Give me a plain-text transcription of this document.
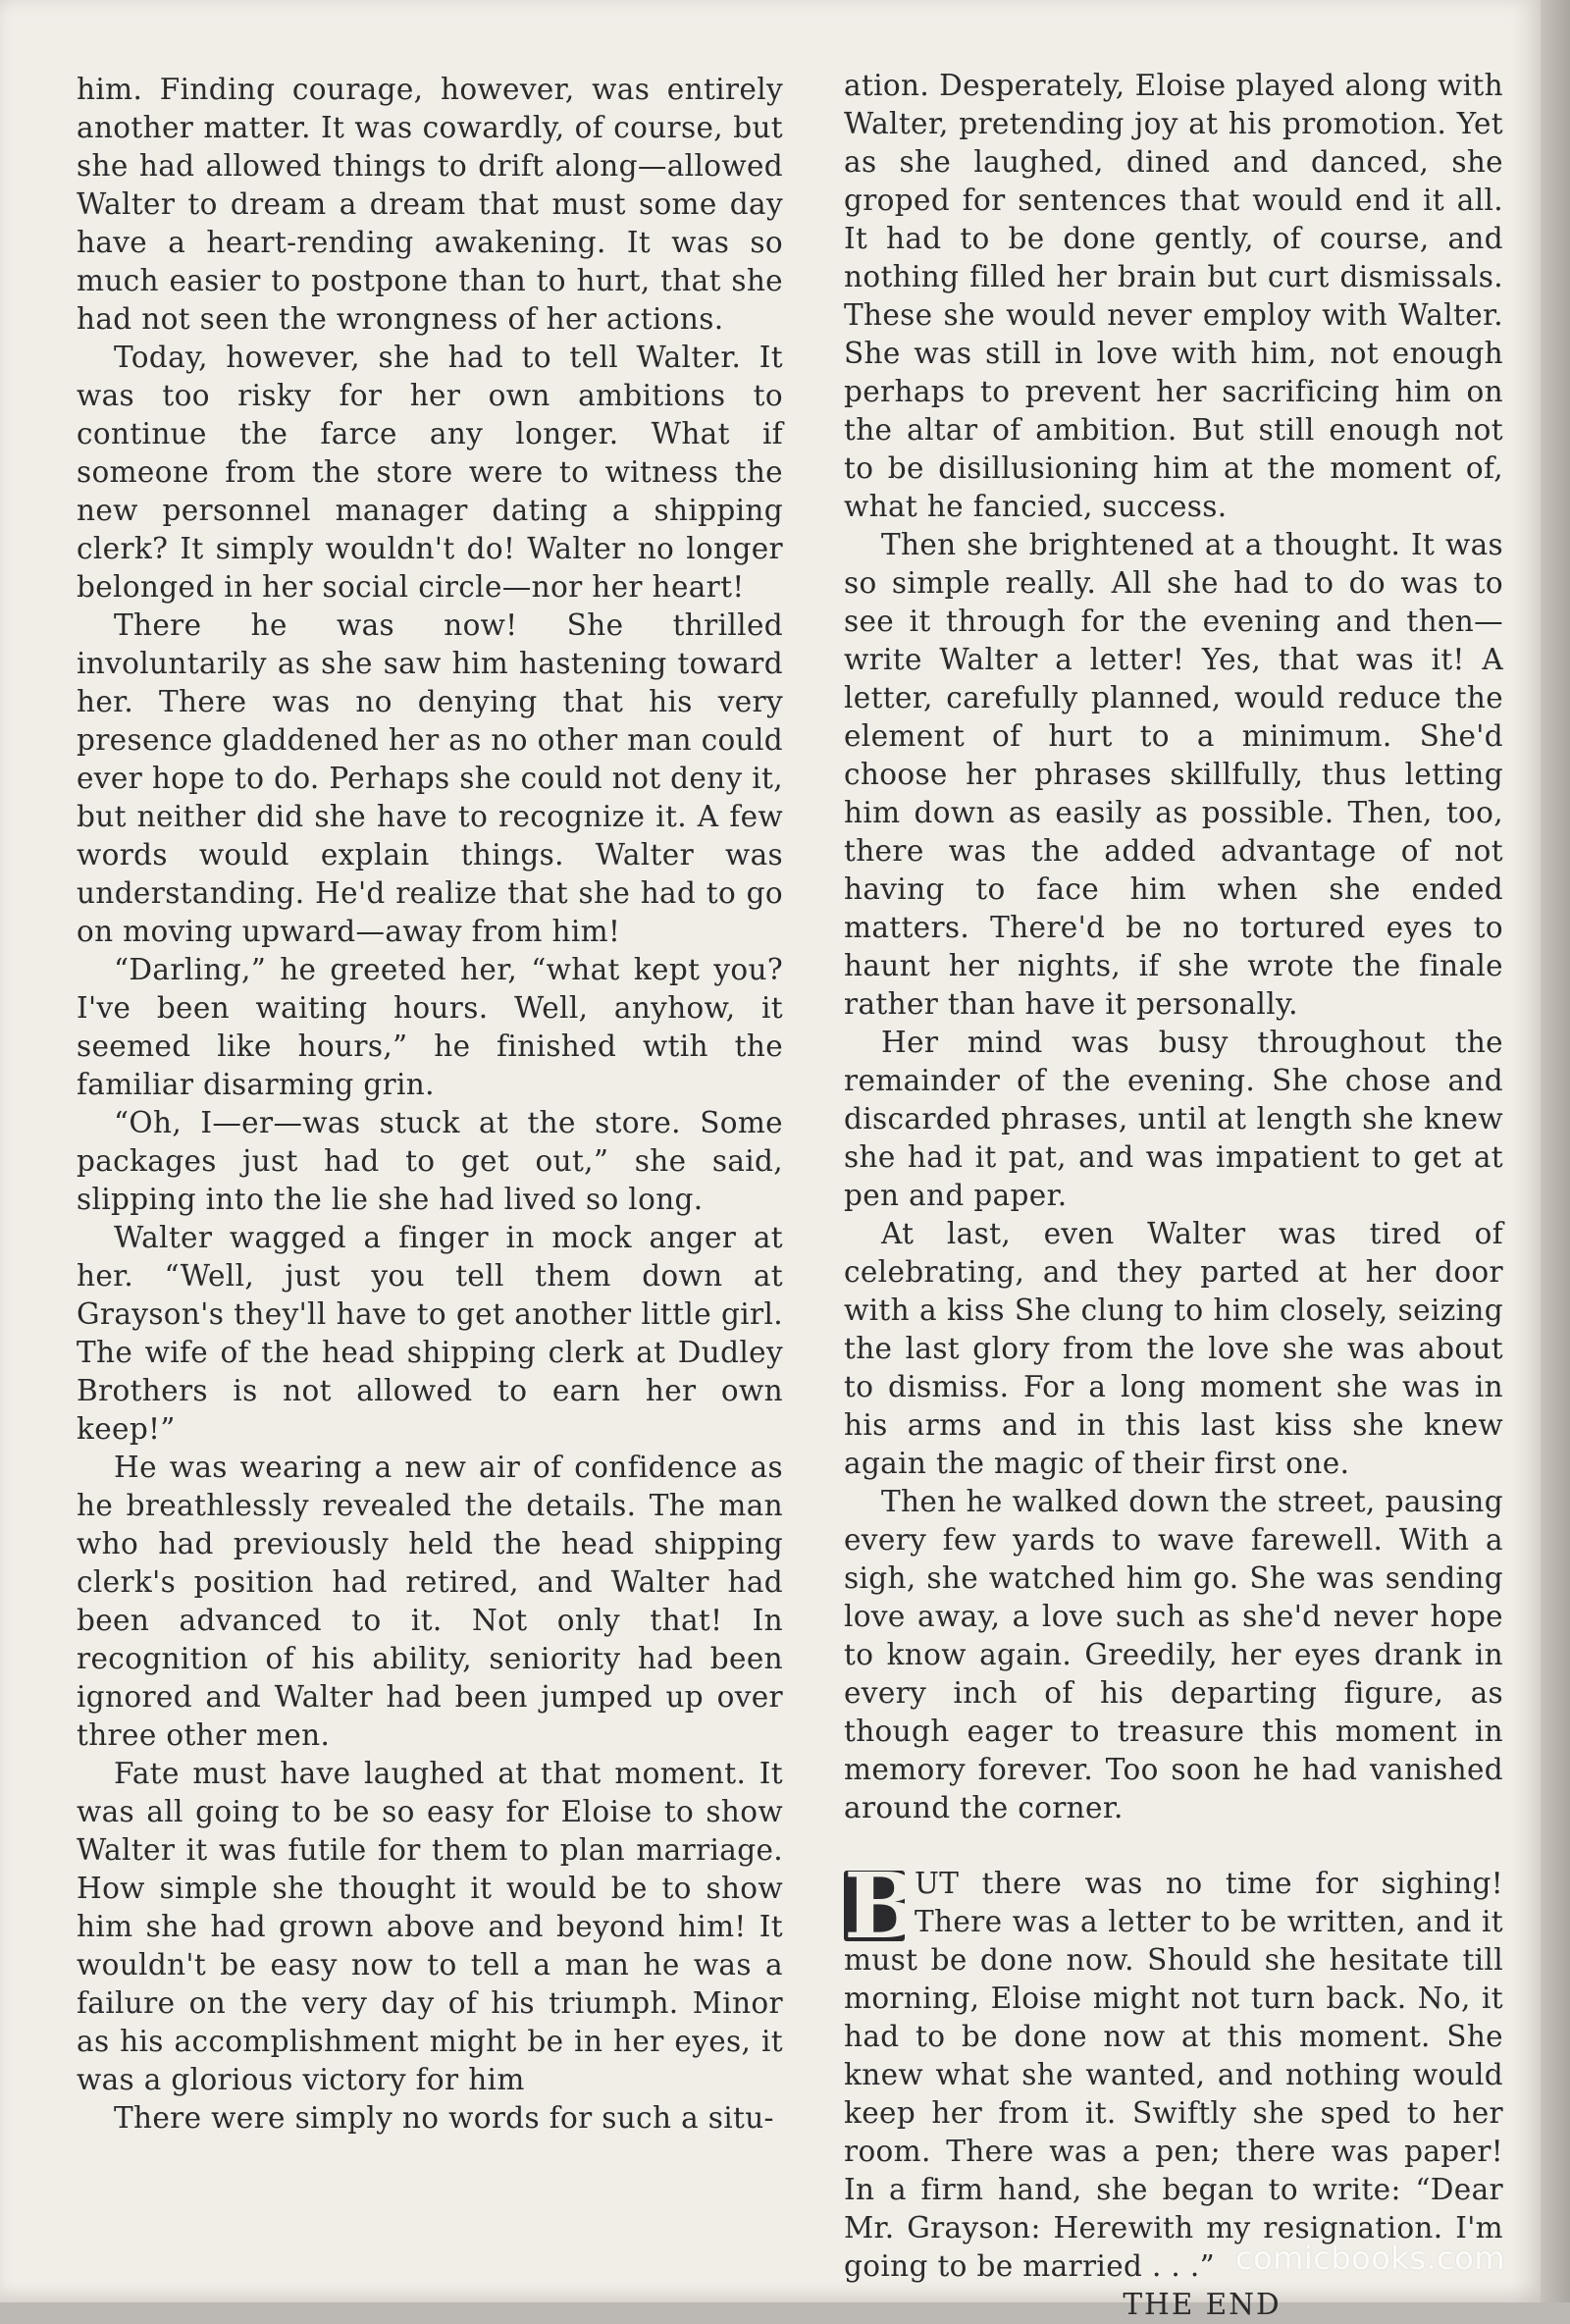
him. Finding courage, however, was entirely another matter. It was cowardly, of course, but she had allowed things to drift along—allowed Walter to dream a dream that must some day have a heart-rending awakening. It was so much easier to postpone than to hurt, that she had not seen the wrongness of her actions.

Today, however, she had to tell Walter. It was too risky for her own ambitions to continue the farce any longer. What if someone from the store were to witness the new personnel manager dating a shipping clerk? It simply wouldn't do! Walter no longer belonged in her social circle—nor her heart!

There he was now! She thrilled involuntarily as she saw him hastening toward her. There was no denying that his very presence gladdened her as no other man could ever hope to do. Perhaps she could not deny it, but neither did she have to recognize it. A few words would explain things. Walter was understanding. He'd realize that she had to go on moving upward—away from him!

“Darling,” he greeted her, “what kept you? I've been waiting hours. Well, anyhow, it seemed like hours,” he finished wtih the familiar disarming grin.

“Oh, I—er—was stuck at the store. Some packages just had to get out,” she said, slipping into the lie she had lived so long.

Walter wagged a finger in mock anger at her. “Well, just you tell them down at Grayson's they'll have to get another little girl. The wife of the head shipping clerk at Dudley Brothers is not allowed to earn her own keep!”

He was wearing a new air of confidence as he breathlessly revealed the details. The man who had previously held the head shipping clerk's position had retired, and Walter had been advanced to it. Not only that! In recognition of his ability, seniority had been ignored and Walter had been jumped up over three other men.

Fate must have laughed at that moment. It was all going to be so easy for Eloise to show Walter it was futile for them to plan marriage. How simple she thought it would be to show him she had grown above and beyond him! It wouldn't be easy now to tell a man he was a failure on the very day of his triumph. Minor as his accomplishment might be in her eyes, it was a glorious victory for him

There were simply no words for such a situ-

ation. Desperately, Eloise played along with Walter, pretending joy at his promotion. Yet as she laughed, dined and danced, she groped for sentences that would end it all. It had to be done gently, of course, and nothing filled her brain but curt dismissals. These she would never employ with Walter. She was still in love with him, not enough perhaps to prevent her sacrificing him on the altar of ambition. But still enough not to be disillusioning him at the moment of, what he fancied, success.

Then she brightened at a thought. It was so simple really. All she had to do was to see it through for the evening and then—write Walter a letter! Yes, that was it! A letter, carefully planned, would reduce the element of hurt to a minimum. She'd choose her phrases skillfully, thus letting him down as easily as possible. Then, too, there was the added advantage of not having to face him when she ended matters. There'd be no tortured eyes to haunt her nights, if she wrote the finale rather than have it personally.

Her mind was busy throughout the remainder of the evening. She chose and discarded phrases, until at length she knew she had it pat, and was impatient to get at pen and paper.

At last, even Walter was tired of celebrating, and they parted at her door with a kiss She clung to him closely, seizing the last glory from the love she was about to dismiss. For a long moment she was in his arms and in this last kiss she knew again the magic of their first one.

Then he walked down the street, pausing every few yards to wave farewell. With a sigh, she watched him go. She was sending love away, a love such as she'd never hope to know again. Greedily, her eyes drank in every inch of his departing figure, as though eager to treasure this moment in memory forever. Too soon he had vanished around the corner.

B
UT there was no time for sighing! There was a letter to be written, and it must be done now. Should she hesitate till morning, Eloise might not turn back. No, it had to be done now at this moment. She knew what she wanted, and nothing would keep her from it. Swiftly she sped to her room. There was a pen; there was paper! In a firm hand, she began to write: “Dear Mr. Grayson: Herewith my resignation. I'm going to be married . . .”

THE END

comicbooks.com
